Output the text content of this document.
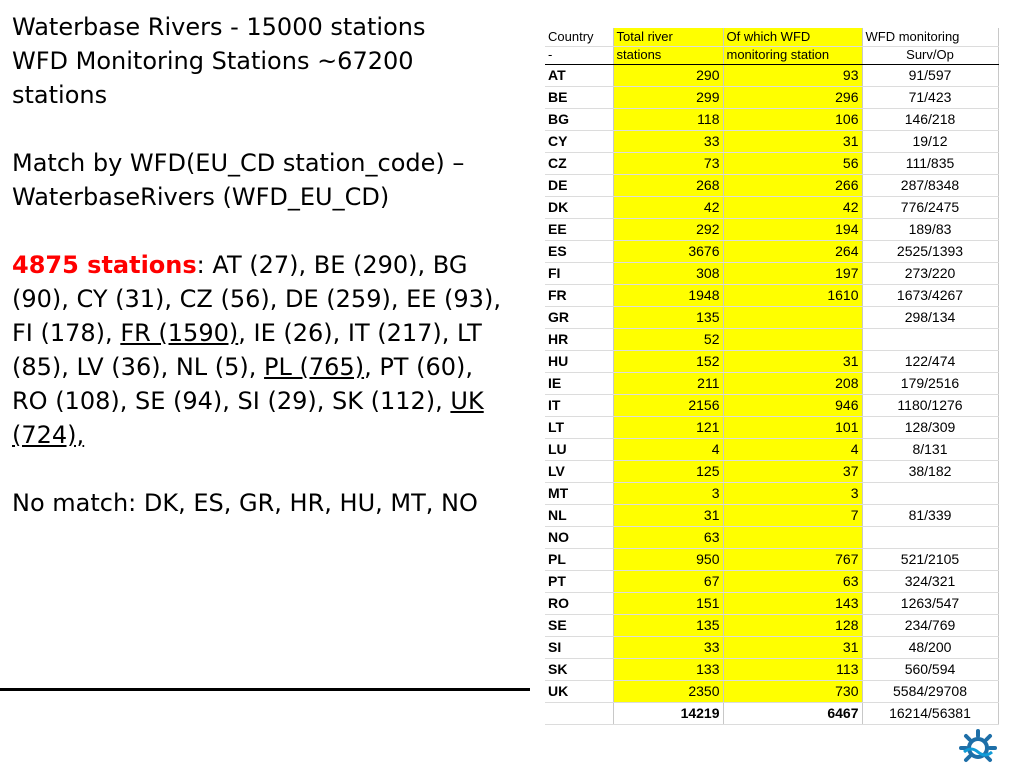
Waterbase Rivers - 15000 stations

WFD Monitoring Stations ~67200 stations

Match by WFD(EU_CD station_code) – WaterbaseRivers (WFD_EU_CD)

4875 stations: AT (27), BE (290), BG (90), CY (31), CZ (56), DE (259), EE (93), FI (178), FR (1590), IE (26), IT (217), LT (85), LV (36), NL (5), PL (765), PT (60), RO (108), SE (94), SI (29), SK (112), UK (724),

No match: DK, ES, GR, HR, HU, MT, NO

Country	Total river	Of which WFD	WFD monitoring
-	stations	monitoring station	Surv/Op
AT	290	93	91/597
BE	299	296	71/423
BG	118	106	146/218
CY	33	31	19/12
CZ	73	56	111/835
DE	268	266	287/8348
DK	42	42	776/2475
EE	292	194	189/83
ES	3676	264	2525/1393
FI	308	197	273/220
FR	1948	1610	1673/4267
GR	135		298/134
HR	52		
HU	152	31	122/474
IE	211	208	179/2516
IT	2156	946	1180/1276
LT	121	101	128/309
LU	4	4	8/131
LV	125	37	38/182
MT	3	3	
NL	31	7	81/339
NO	63		
PL	950	767	521/2105
PT	67	63	324/321
RO	151	143	1263/547
SE	135	128	234/769
SI	33	31	48/200
SK	133	113	560/594
UK	2350	730	5584/29708
	14219	6467	16214/56381
